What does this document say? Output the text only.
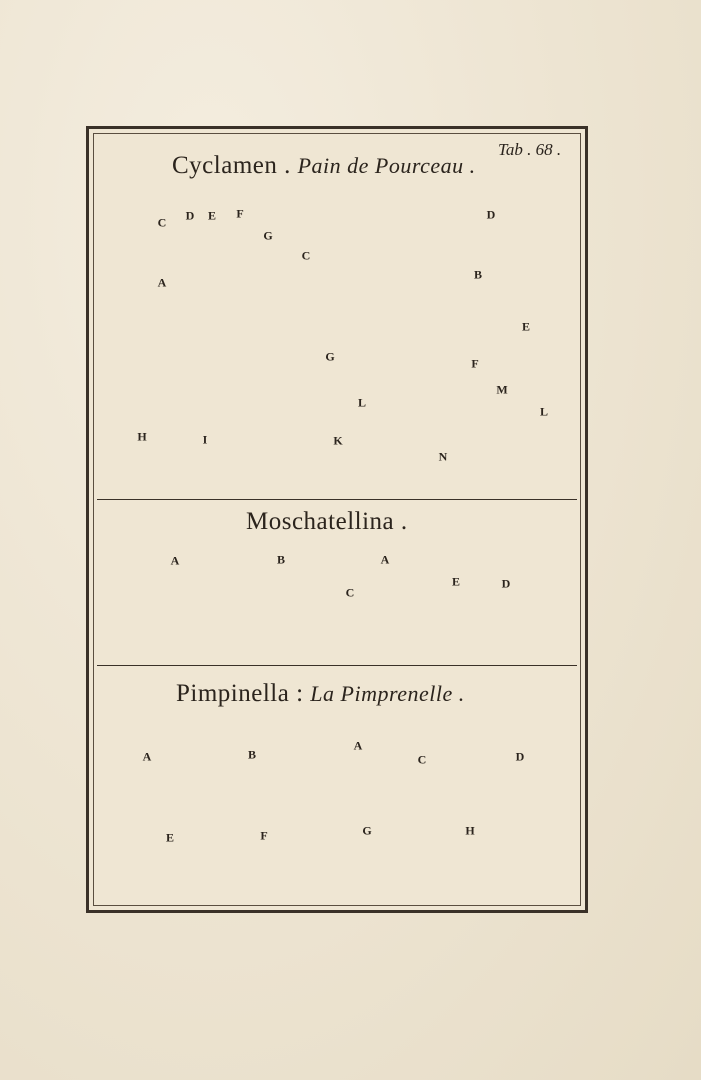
Tab . 68 .
Cyclamen . Pain de Pourceau .
Moschatellina .
Pimpinella : La Pimprenelle .
C D E F
G
A
C
D
B
E
G	F
H	I	K
L
M
L
N
A	B	A
C
E	D
A	B
A
C	D
E	F	G	H
